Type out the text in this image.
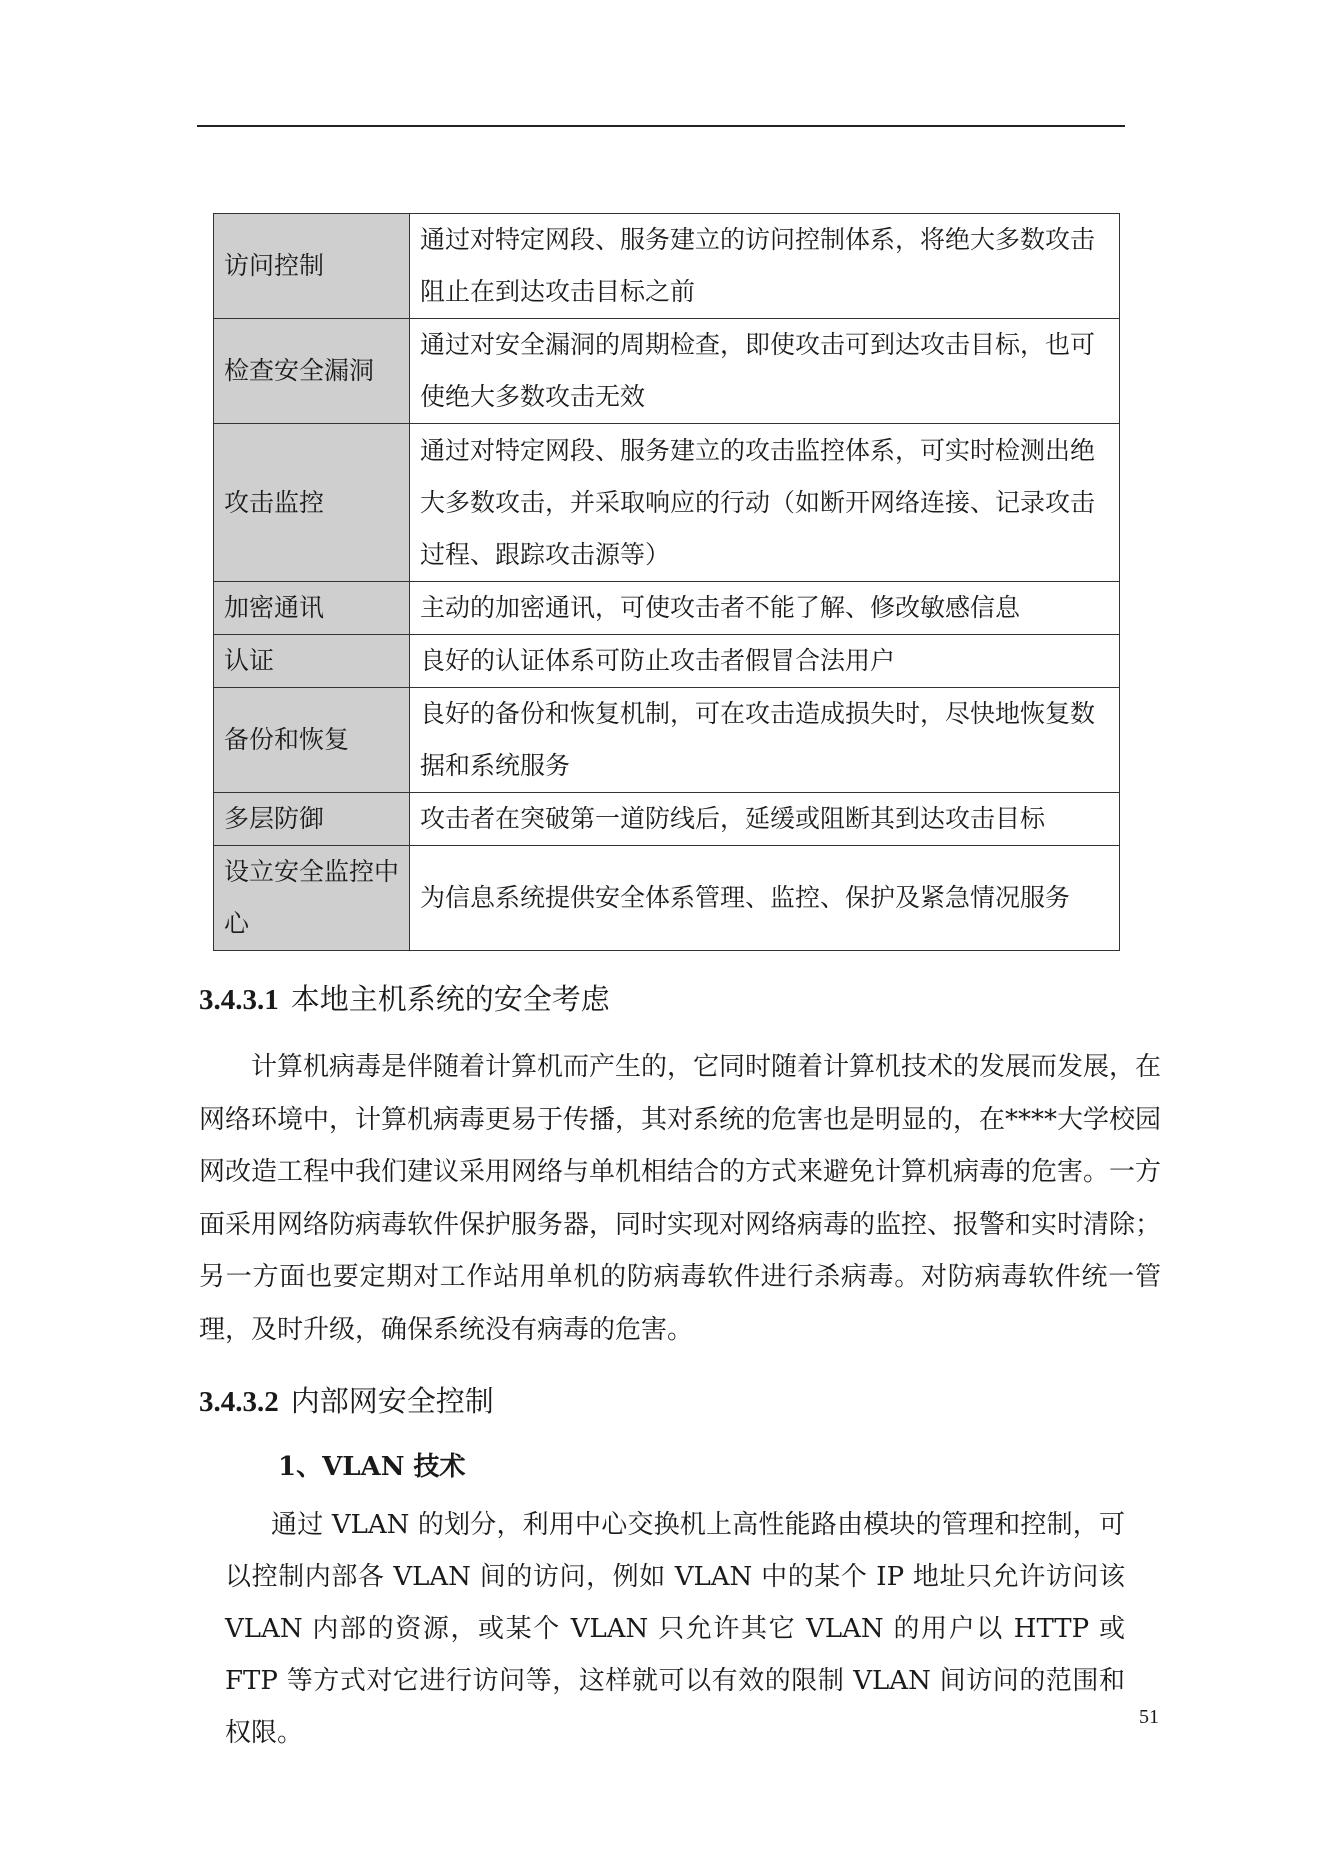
访问控制	通过对特定网段、服务建立的访问控制体系，将绝大多数攻击阻止在到达攻击目标之前
检查安全漏洞	通过对安全漏洞的周期检查，即使攻击可到达攻击目标，也可使绝大多数攻击无效
攻击监控	通过对特定网段、服务建立的攻击监控体系，可实时检测出绝大多数攻击，并采取响应的行动（如断开网络连接、记录攻击过程、跟踪攻击源等）
加密通讯	主动的加密通讯，可使攻击者不能了解、修改敏感信息
认证	良好的认证体系可防止攻击者假冒合法用户
备份和恢复	良好的备份和恢复机制，可在攻击造成损失时，尽快地恢复数据和系统服务
多层防御	攻击者在突破第一道防线后，延缓或阻断其到达攻击目标
设立安全监控中心	为信息系统提供安全体系管理、监控、保护及紧急情况服务
3.4.3.1 本地主机系统的安全考虑

计算机病毒是伴随着计算机而产生的，它同时随着计算机技术的发展而发展，在网络环境中，计算机病毒更易于传播，其对系统的危害也是明显的，在****大学校园网改造工程中我们建议采用网络与单机相结合的方式来避免计算机病毒的危害。一方面采用网络防病毒软件保护服务器，同时实现对网络病毒的监控、报警和实时清除；另一方面也要定期对工作站用单机的防病毒软件进行杀病毒。对防病毒软件统一管理，及时升级，确保系统没有病毒的危害。

3.4.3.2 内部网安全控制
1、VLAN 技术

通过 VLAN 的划分，利用中心交换机上高性能路由模块的管理和控制，可以控制内部各 VLAN 间的访问，例如 VLAN 中的某个 IP 地址只允许访问该 VLAN 内部的资源，或某个 VLAN 只允许其它 VLAN 的用户以 HTTP 或 FTP 等方式对它进行访问等，这样就可以有效的限制 VLAN 间访问的范围和权限。

51
